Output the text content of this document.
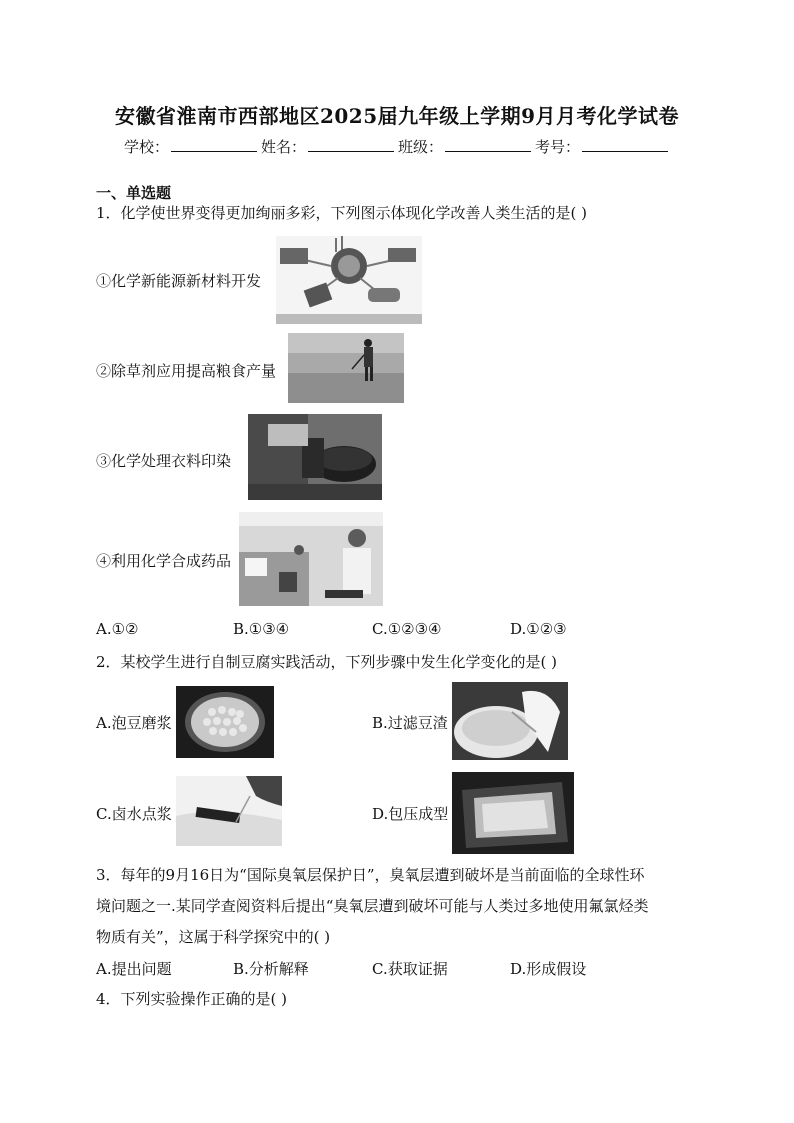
安徽省淮南市西部地区2025届九年级上学期9月月考化学试卷
学校：	姓名：	班级：	考号：
一、单选题
1．化学使世界变得更加绚丽多彩，下列图示体现化学改善人类生活的是( )
①化学新能源新材料开发
②除草剂应用提高粮食产量
③化学处理衣料印染
④利用化学合成药品
A.①②	B.①③④	C.①②③④	D.①②③
2．某校学生进行自制豆腐实践活动，下列步骤中发生化学变化的是( )
A.泡豆磨浆	B.过滤豆渣
C.卤水点浆	D.包压成型
3．每年的9月16日为“国际臭氧层保护日”，臭氧层遭到破坏是当前面临的全球性环
境问题之一.某同学查阅资料后提出“臭氧层遭到破坏可能与人类过多地使用氟氯烃类
物质有关”，这属于科学探究中的( )
A.提出问题	B.分析解释	C.获取证据	D.形成假设
4．下列实验操作正确的是( )
